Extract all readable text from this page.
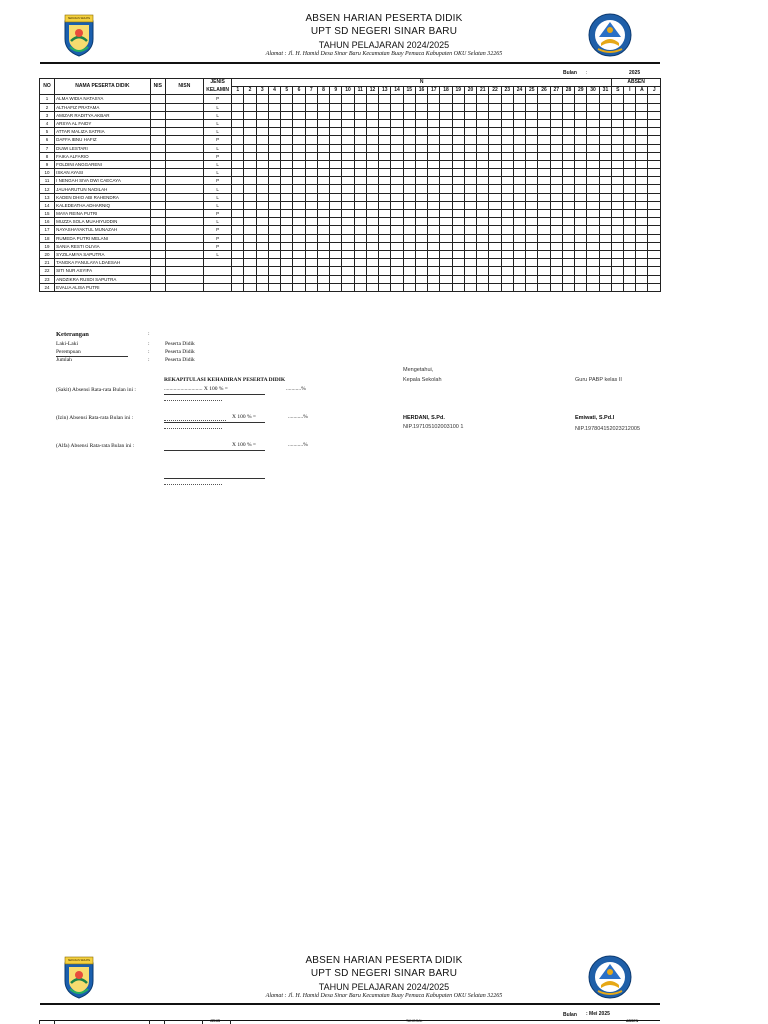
SERASAN SEKATE	ABSEN HARIAN PESERTA DIDIK
UPT SD NEGERI SINAR BARU
TAHUN PELAJARAN 2024/2025
Alamat : Jl. H. Hamid Desa Sinar Baru Kecamatan Buay Pemaca Kabupaten OKU Selatan 32265
Bulan :	2025
NO	NAMA PESERTA DIDIK	NIS	NISN	JENIS	N																															ABSEN			
				KELAMIN	1	2	3	4	5	6	7	8	9	10	11	12	13	14	15	16	17	18	19	20	21	22	23	24	25	26	27	28	29	30	31	S	I	A	J
1	ALMA WIDIA NATASYA			P																																			
2	ALTHAFIZ PRATAMA			L																																			
3	AMIZAR RADITYA AKBAR			L																																			
4	ARSYA AL FAIDY			L																																			
5	ATTAR MALIZA SATRIA			L																																			
6	DAFFA IBNU HAFIZ			P																																			
7	DUWI LESTARI			L																																			
8	FAIKA ALFARIO			P																																			
9	FOLDINI ANGGARENI			L																																			
10	ISKAN AYASI			L																																			
11	I NENGAH SIVA DWI CAECAYA			P																																			
12	JAUHARUTUN NADILAH			L																																			
13	KADEN DHIO ABI RAHENDRA			L																																			
14	KALEDEATHA ADHARNIQ			L																																			
15	MAYA REINA PUTRI			P																																			
16	MUZZA SOLA MUAHIYUDDIN			L																																			
17	NAYASHAYAKTUL MUNAZAH			P																																			
18	RUMEDA PUTRI MELANI			P																																			
19	SANIA RESTI OLIVIA			P																																			
20	SYZILAMIYA SAPUTRA			L																																			
21	TANGKA FANULAYA LDAESAH																																						
22	SITI NUR ASYIFA																																						
23	ANDZIKRA RUSDI SAPUTRA																																						
24	EVALIA ALISA PUTRI																																						
Keterangan	:
Laki-Laki	:	Peserta Didik
Perempuan	:	Peserta Didik
Jumlah	:	Peserta Didik
REKAPITULASI KEHADIRAN PESERTA DIDIK
(Sakit) Absensi Rata-rata Bulan ini :	............................ X 100 % =	...........%
(Izin) Absensi Rata-rata Bulan ini :	X 100 % =	...........%
(Alfa) Absensi Rata-rata Bulan ini :	X 100 % =	...........%
Mengetahui,
Kepala Sekolah	Guru PABP kelas II
HERDANI, S.Pd.
NIP.197105102003100 1
Emiwati, S.Pd.I
NIP.197804152023212005
SERASAN SEKATE	ABSEN HARIAN PESERTA DIDIK
UPT SD NEGERI SINAR BARU
TAHUN PELAJARAN 2024/2025
Alamat : Jl. H. Hamid Desa Sinar Baru Kecamatan Buay Pemaca Kabupaten OKU Selatan 32265
Bulan : Mei 2025
JENIS	TANGGAL	ABSEN
